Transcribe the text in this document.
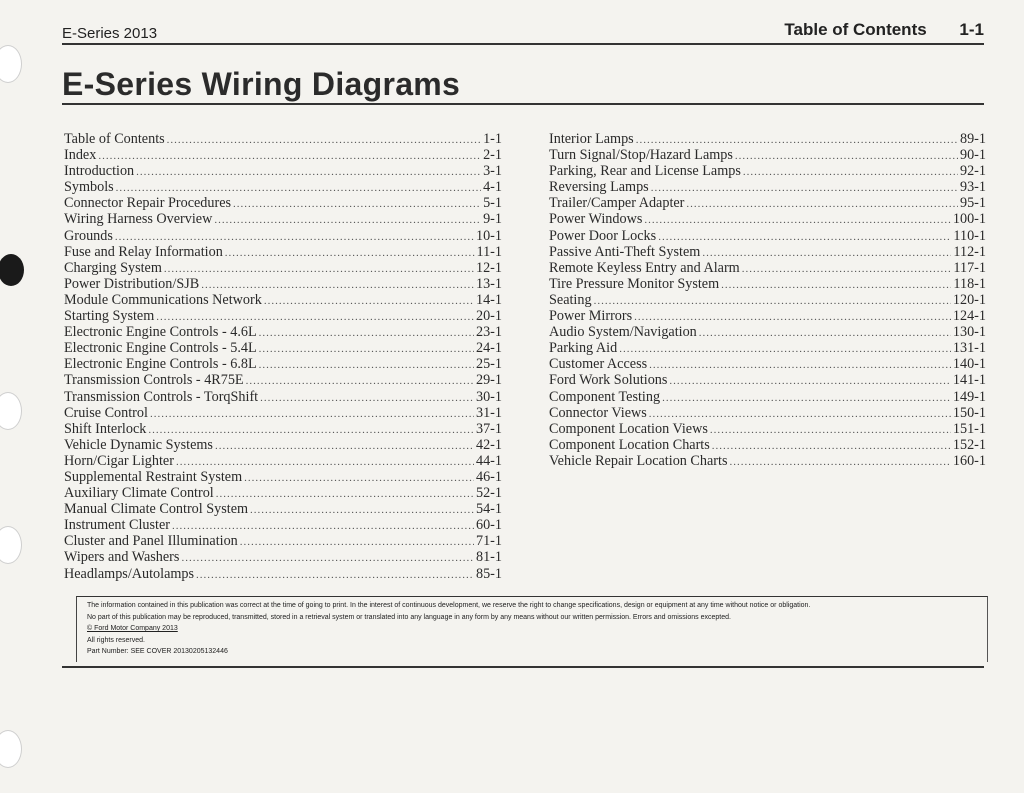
E-Series 2013	Table of Contents 1-1
E-Series Wiring Diagrams
Table of Contents .....	1-1
Index .....	2-1
Introduction .....	3-1
Symbols .....	4-1
Connector Repair Procedures .....	5-1
Wiring Harness Overview .....	9-1
Grounds .....	10-1
Fuse and Relay Information .....	11-1
Charging System .....	12-1
Power Distribution/SJB .....	13-1
Module Communications Network .....	14-1
Starting System .....	20-1
Electronic Engine Controls - 4.6L .....	23-1
Electronic Engine Controls - 5.4L .....	24-1
Electronic Engine Controls - 6.8L .....	25-1
Transmission Controls - 4R75E .....	29-1
Transmission Controls - TorqShift .....	30-1
Cruise Control .....	31-1
Shift Interlock .....	37-1
Vehicle Dynamic Systems .....	42-1
Horn/Cigar Lighter .....	44-1
Supplemental Restraint System .....	46-1
Auxiliary Climate Control .....	52-1
Manual Climate Control System .....	54-1
Instrument Cluster .....	60-1
Cluster and Panel Illumination .....	71-1
Wipers and Washers .....	81-1
Headlamps/Autolamps .....	85-1
Interior Lamps .....	89-1
Turn Signal/Stop/Hazard Lamps .....	90-1
Parking, Rear and License Lamps .....	92-1
Reversing Lamps .....	93-1
Trailer/Camper Adapter .....	95-1
Power Windows .....	100-1
Power Door Locks .....	110-1
Passive Anti-Theft System .....	112-1
Remote Keyless Entry and Alarm .....	117-1
Tire Pressure Monitor System .....	118-1
Seating .....	120-1
Power Mirrors .....	124-1
Audio System/Navigation .....	130-1
Parking Aid .....	131-1
Customer Access .....	140-1
Ford Work Solutions .....	141-1
Component Testing .....	149-1
Connector Views .....	150-1
Component Location Views .....	151-1
Component Location Charts .....	152-1
Vehicle Repair Location Charts .....	160-1

The information contained in this publication was correct at the time of going to print. In the interest of continuous development, we reserve the right to change specifications, design or equipment at any time without notice or obligation.

No part of this publication may be reproduced, transmitted, stored in a retrieval system or translated into any language in any form by any means without our written permission. Errors and omissions excepted.

© Ford Motor Company 2013

All rights reserved.

Part Number: SEE COVER 20130205132446
